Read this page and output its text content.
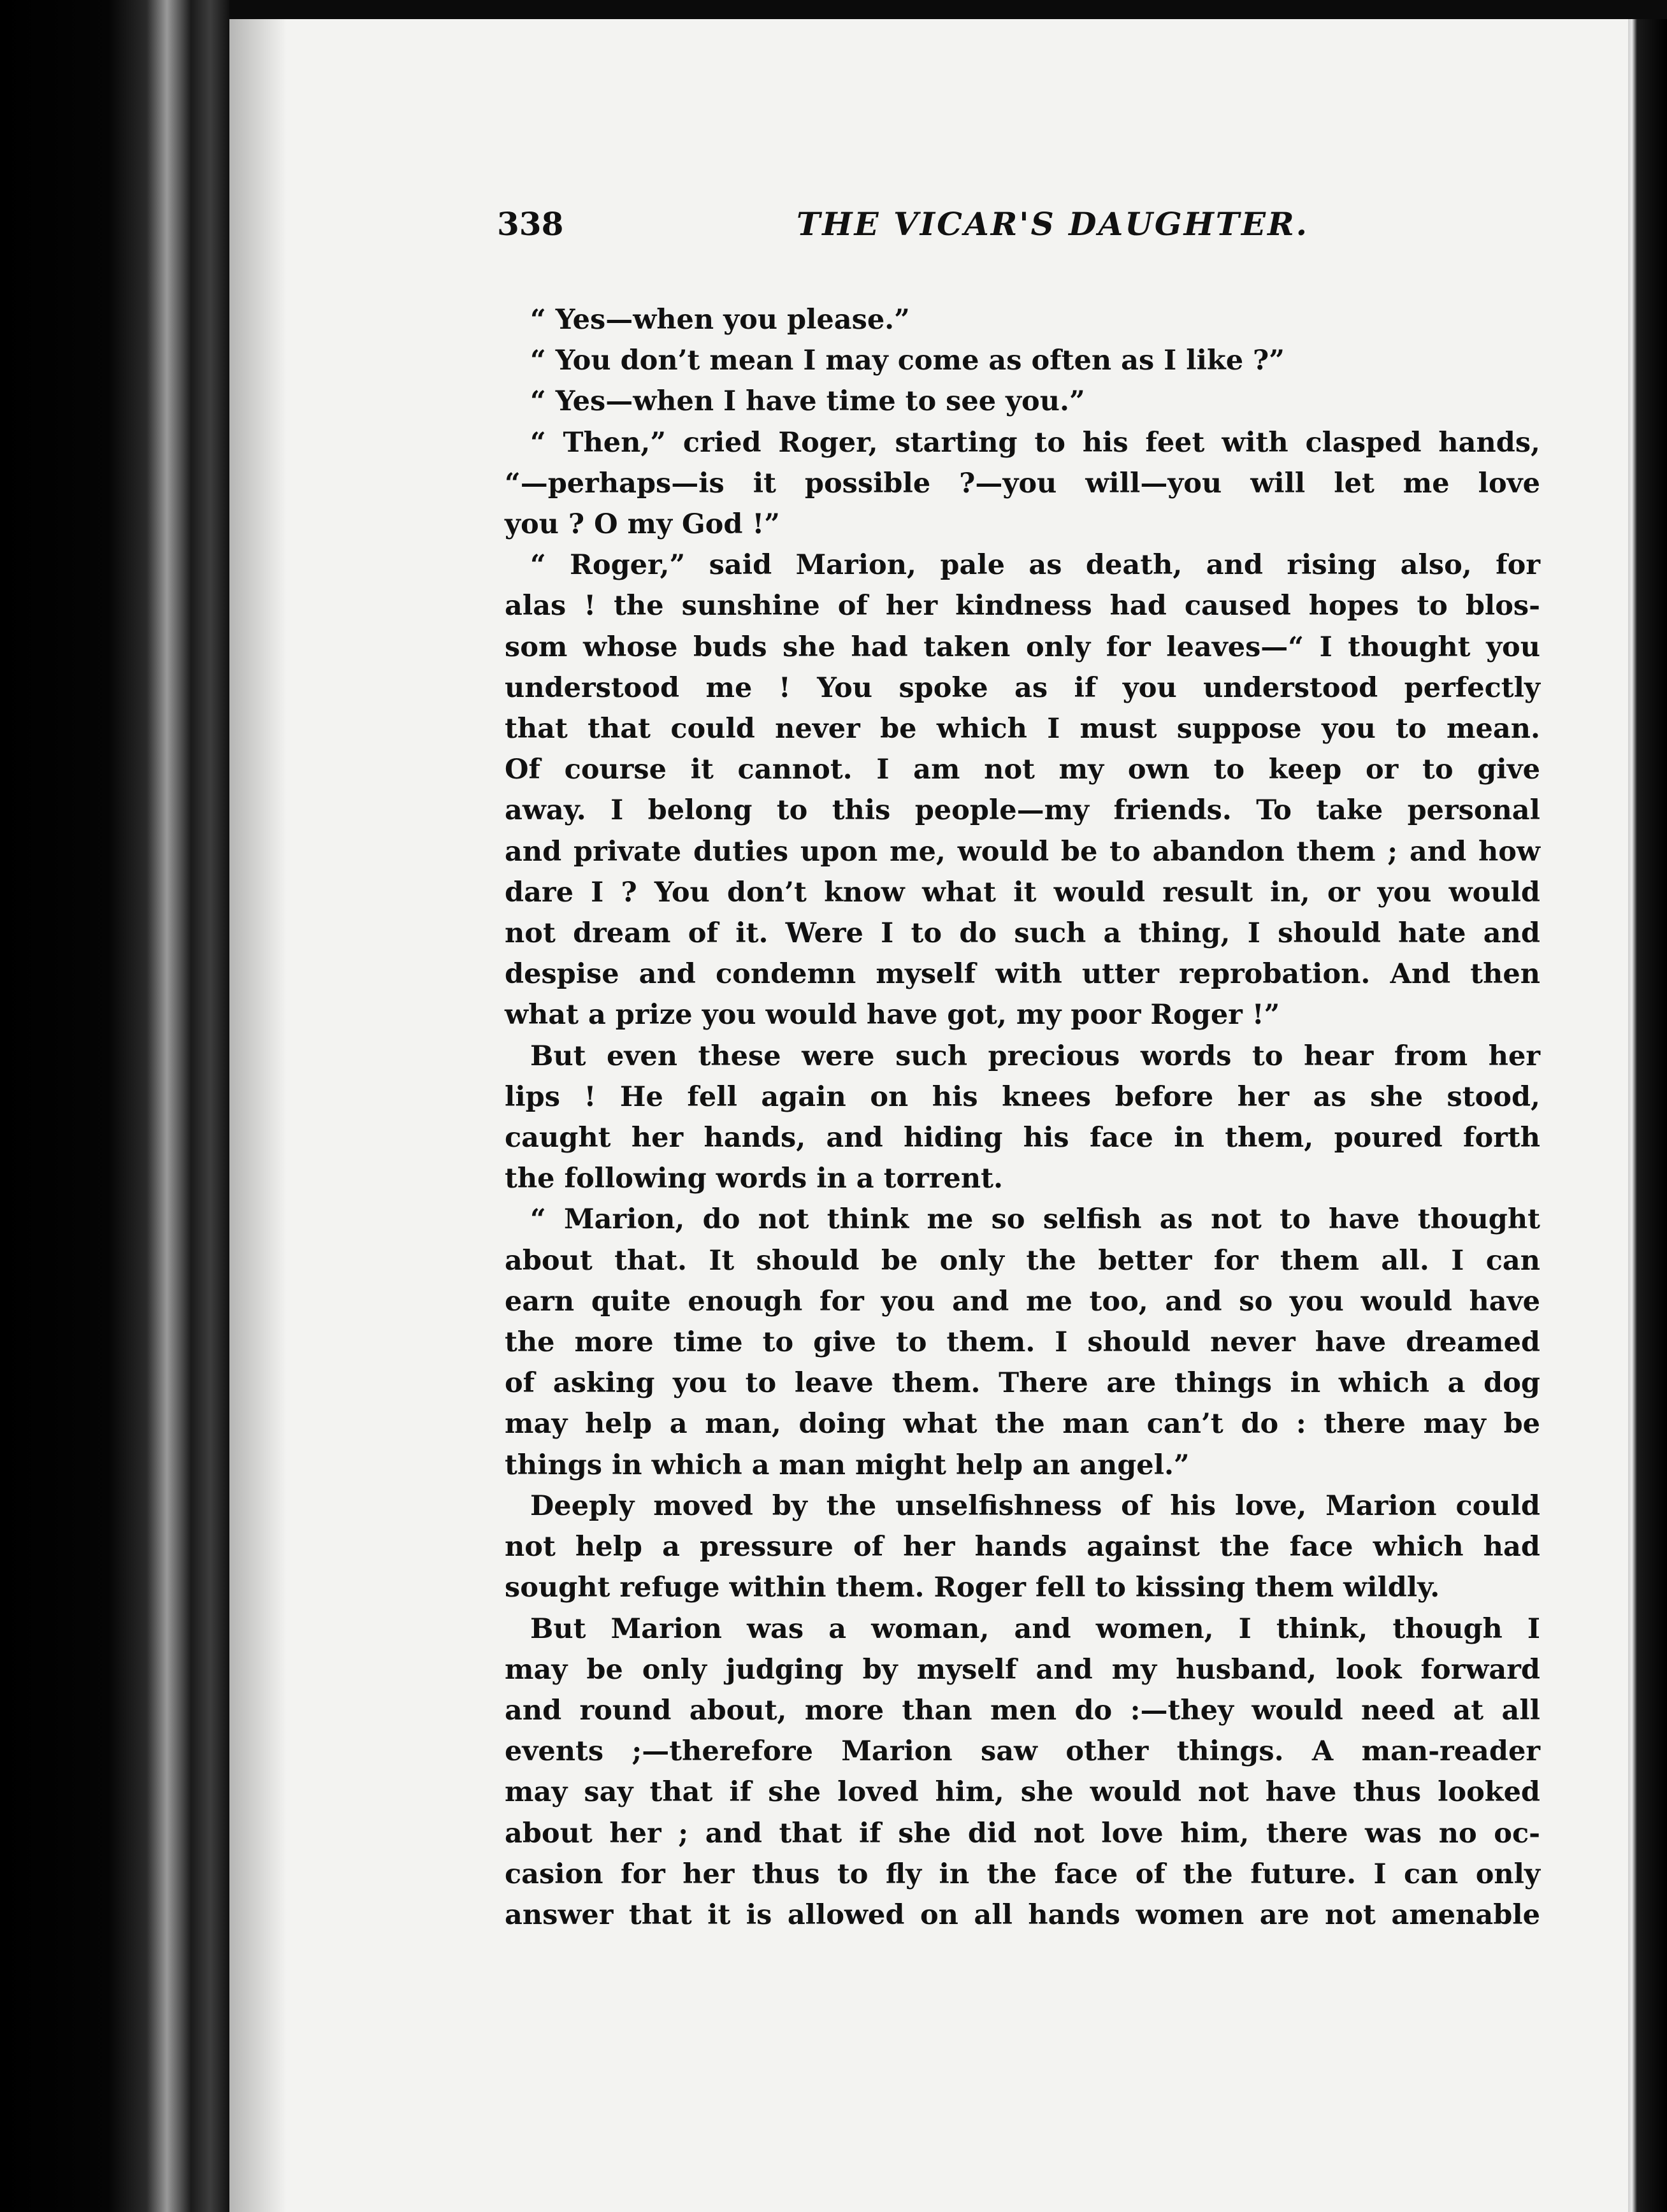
338	THE VICAR'S DAUGHTER.

“ Yes—when you please.”

“ You don’t mean I may come as often as I like ?”

“ Yes—when I have time to see you.”

“ Then,” cried Roger, starting to his feet with clasped hands,
“—perhaps—is it possible ?—you will—you will let me love
you ? O my God !”

“ Roger,” said Marion, pale as death, and rising also, for
alas ! the sunshine of her kindness had caused hopes to blos-
som whose buds she had taken only for leaves—“ I thought you
understood me ! You spoke as if you understood perfectly
that that could never be which I must suppose you to mean.
Of course it cannot. I am not my own to keep or to give
away. I belong to this people—my friends. To take personal
and private duties upon me, would be to abandon them ; and how
dare I ? You don’t know what it would result in, or you would
not dream of it. Were I to do such a thing, I should hate and
despise and condemn myself with utter reprobation. And then
what a prize you would have got, my poor Roger !”

But even these were such precious words to hear from her
lips ! He fell again on his knees before her as she stood,
caught her hands, and hiding his face in them, poured forth
the following words in a torrent.

“ Marion, do not think me so selfish as not to have thought
about that. It should be only the better for them all. I can
earn quite enough for you and me too, and so you would have
the more time to give to them. I should never have dreamed
of asking you to leave them. There are things in which a dog
may help a man, doing what the man can’t do : there may be
things in which a man might help an angel.”

Deeply moved by the unselfishness of his love, Marion could
not help a pressure of her hands against the face which had
sought refuge within them. Roger fell to kissing them wildly.

But Marion was a woman, and women, I think, though I
may be only judging by myself and my husband, look forward
and round about, more than men do :—they would need at all
events ;—therefore Marion saw other things. A man-reader
may say that if she loved him, she would not have thus looked
about her ; and that if she did not love him, there was no oc-
casion for her thus to fly in the face of the future. I can only
answer that it is allowed on all hands women are not amenable
